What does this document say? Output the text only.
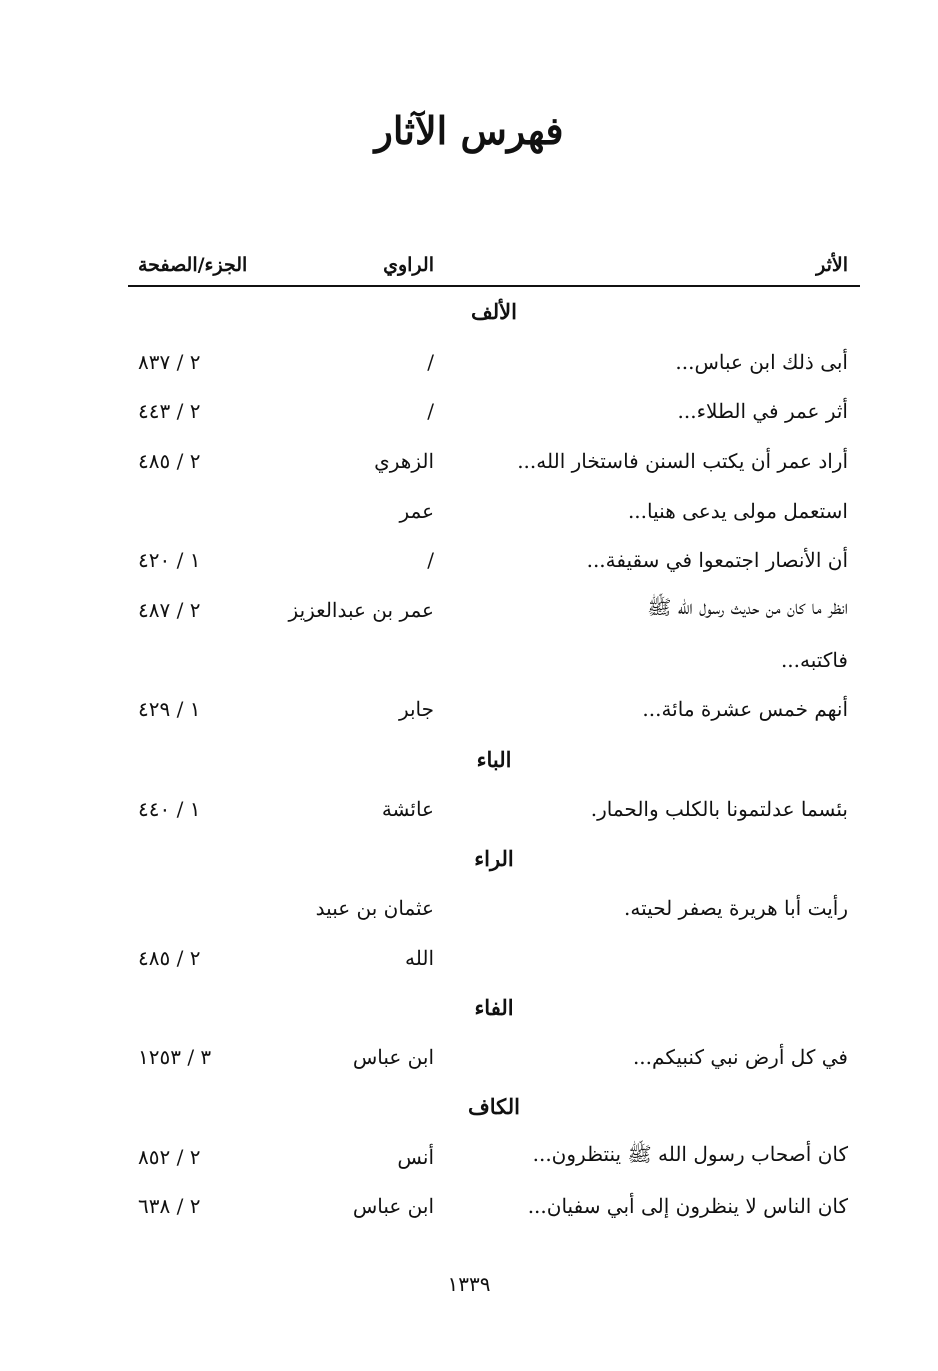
فهرس الآثار
الأثر
الراوي
الجزء/الصفحة
الألف
أبى ذلك ابن عباس...
/
٢ / ٨٣٧
أثر عمر في الطلاء...
/
٢ / ٤٤٣
أراد عمر أن يكتب السنن فاستخار الله...
الزهري
٢ / ٤٨٥
استعمل مولى يدعى هنيا...
عمر
أن الأنصار اجتمعوا في سقيفة...
/
١ / ٤٢٠
انظر ما كان من حديث رسول الله ﷺ
عمر بن عبدالعزيز
٢ / ٤٨٧
فاكتبه...
أنهم خمس عشرة مائة...
جابر
١ / ٤٢٩
الباء
بئسما عدلتمونا بالكلب والحمار.
عائشة
١ / ٤٤٠
الراء
رأيت أبا هريرة يصفر لحيته.
عثمان بن عبيد
الله
٢ / ٤٨٥
الفاء
في كل أرض نبي كنبيكم...
ابن عباس
٣ / ١٢٥٣
الكاف
كان أصحاب رسول الله ﷺ ينتظرون...
أنس
٢ / ٨٥٢
كان الناس لا ينظرون إلى أبي سفيان...
ابن عباس
٢ / ٦٣٨
١٣٣٩
